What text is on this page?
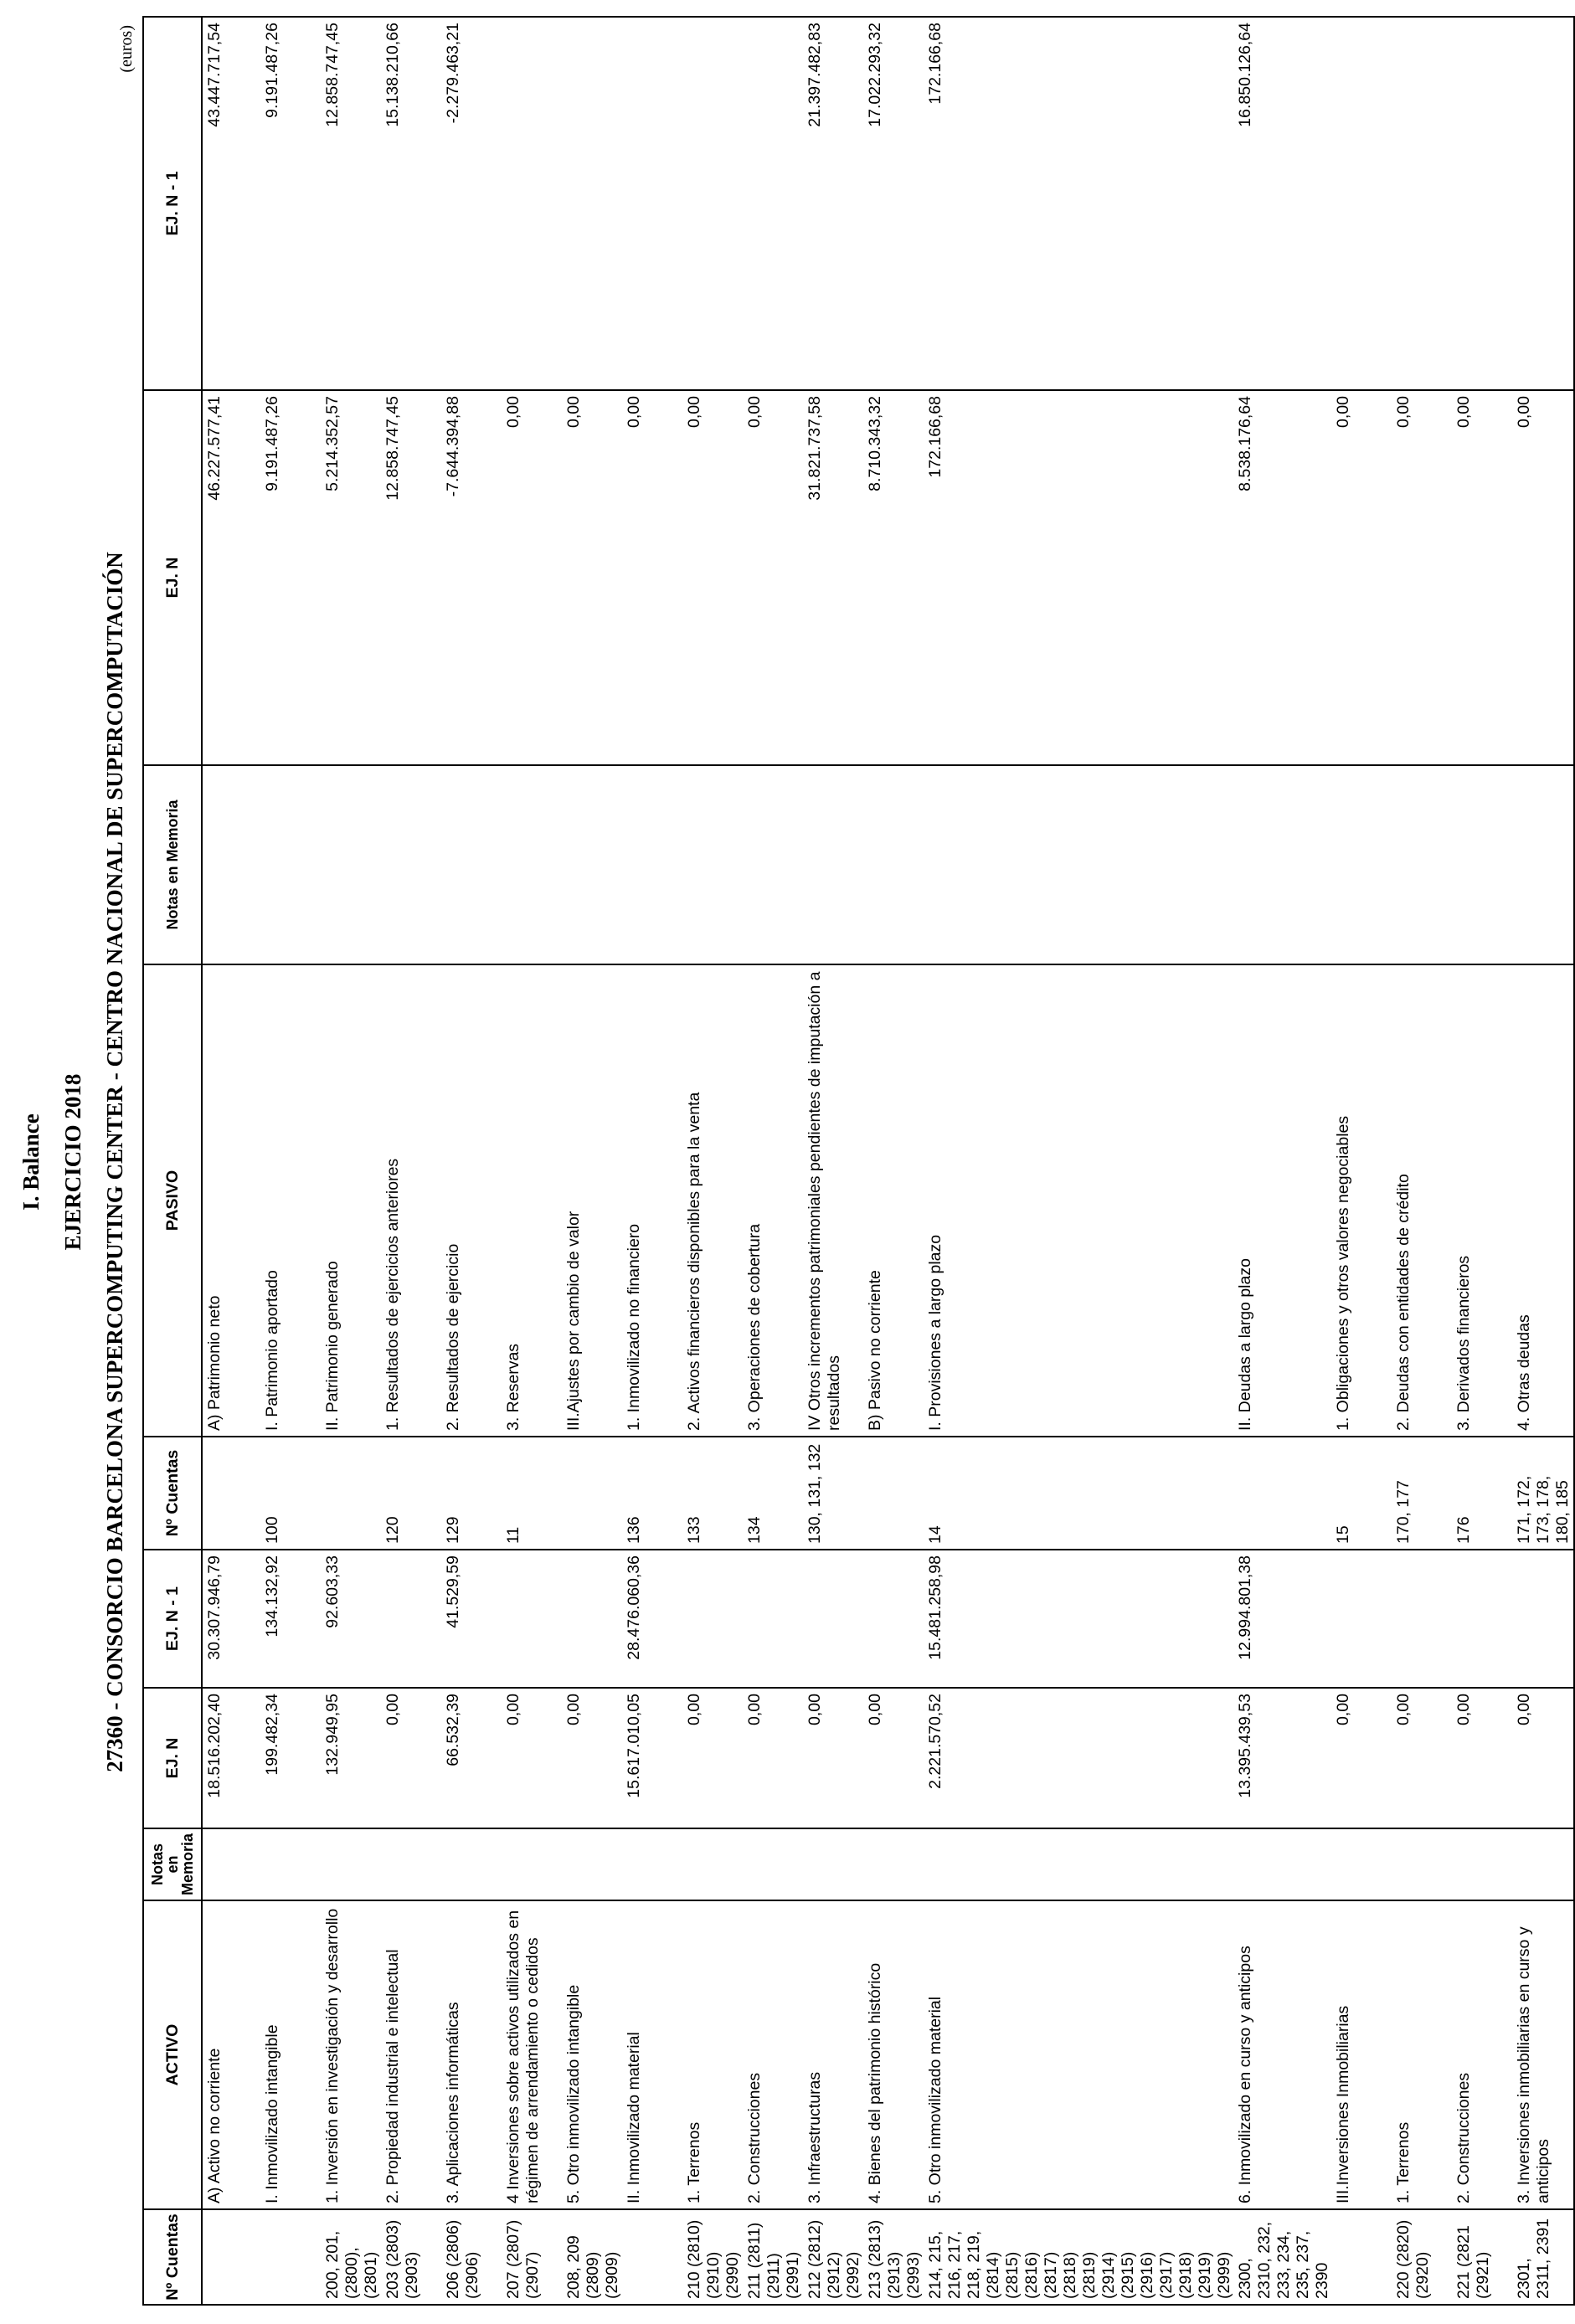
I. Balance EJERCICIO 2018 27360 - CONSORCIO BARCELONA SUPERCOMPUTING CENTER - CENTRO NACIONAL DE SUPERCOMPUTACIÓN
(euros)
Nº Cuentas	ACTIVO	Notas en Memoria	EJ. N	EJ. N - 1	Nº Cuentas	PASIVO	Notas en Memoria	EJ. N	EJ. N - 1
	A) Activo no corriente		18.516.202,40	30.307.946,79		A) Patrimonio neto		46.227.577,41	43.447.717,54
	I. Inmovilizado intangible		199.482,34	134.132,92	100	I. Patrimonio aportado		9.191.487,26	9.191.487,26
200, 201, (2800), (2801)	1. Inversión en investigación y desarrollo		132.949,95	92.603,33		II. Patrimonio generado		5.214.352,57	12.858.747,45
203 (2803) (2903)	2. Propiedad industrial e intelectual		0,00		120	1. Resultados de ejercicios anteriores		12.858.747,45	15.138.210,66
206 (2806) (2906)	3. Aplicaciones informáticas		66.532,39	41.529,59	129	2. Resultados de ejercicio		-7.644.394,88	-2.279.463,21
207 (2807) (2907)	4 Inversiones sobre activos utilizados en régimen de arrendamiento o cedidos		0,00		11	3. Reservas		0,00	
208, 209 (2809) (2909)	5. Otro inmovilizado intangible		0,00			III.Ajustes por cambio de valor		0,00	
	II. Inmovilizado material		15.617.010,05	28.476.060,36	136	1. Inmovilizado no financiero		0,00	
210 (2810) (2910) (2990)	1. Terrenos		0,00		133	2. Activos financieros disponibles para la venta		0,00	
211 (2811) (2911) (2991)	2. Construcciones		0,00		134	3. Operaciones de cobertura		0,00	
212 (2812) (2912) (2992)	3. Infraestructuras		0,00		130, 131, 132	IV Otros incrementos patrimoniales pendientes de imputación a resultados		31.821.737,58	21.397.482,83
213 (2813) (2913) (2993)	4. Bienes del patrimonio histórico		0,00			B) Pasivo no corriente		8.710.343,32	17.022.293,32
214, 215, 216, 217, 218, 219, (2814) (2815) (2816) (2817) (2818) (2819) (2914) (2915) (2916) (2917) (2918) (2919) (2999)	5. Otro inmovilizado material		2.221.570,52	15.481.258,98	14	I. Provisiones a largo plazo		172.166,68	172.166,68
2300, 2310, 232, 233, 234, 235, 237, 2390	6. Inmovilizado en curso y anticipos		13.395.439,53	12.994.801,38		II. Deudas a largo plazo		8.538.176,64	16.850.126,64
	III.Inversiones Inmobiliarias		0,00		15	1. Obligaciones y otros valores negociables		0,00	
220 (2820) (2920)	1. Terrenos		0,00		170, 177	2. Deudas con entidades de crédito		0,00	
221 (2821 (2921)	2. Construcciones		0,00		176	3. Derivados financieros		0,00	
2301, 2311, 2391	3. Inversiones inmobiliarias en curso y anticipos		0,00		171, 172, 173, 178, 180, 185	4. Otras deudas		0,00	
